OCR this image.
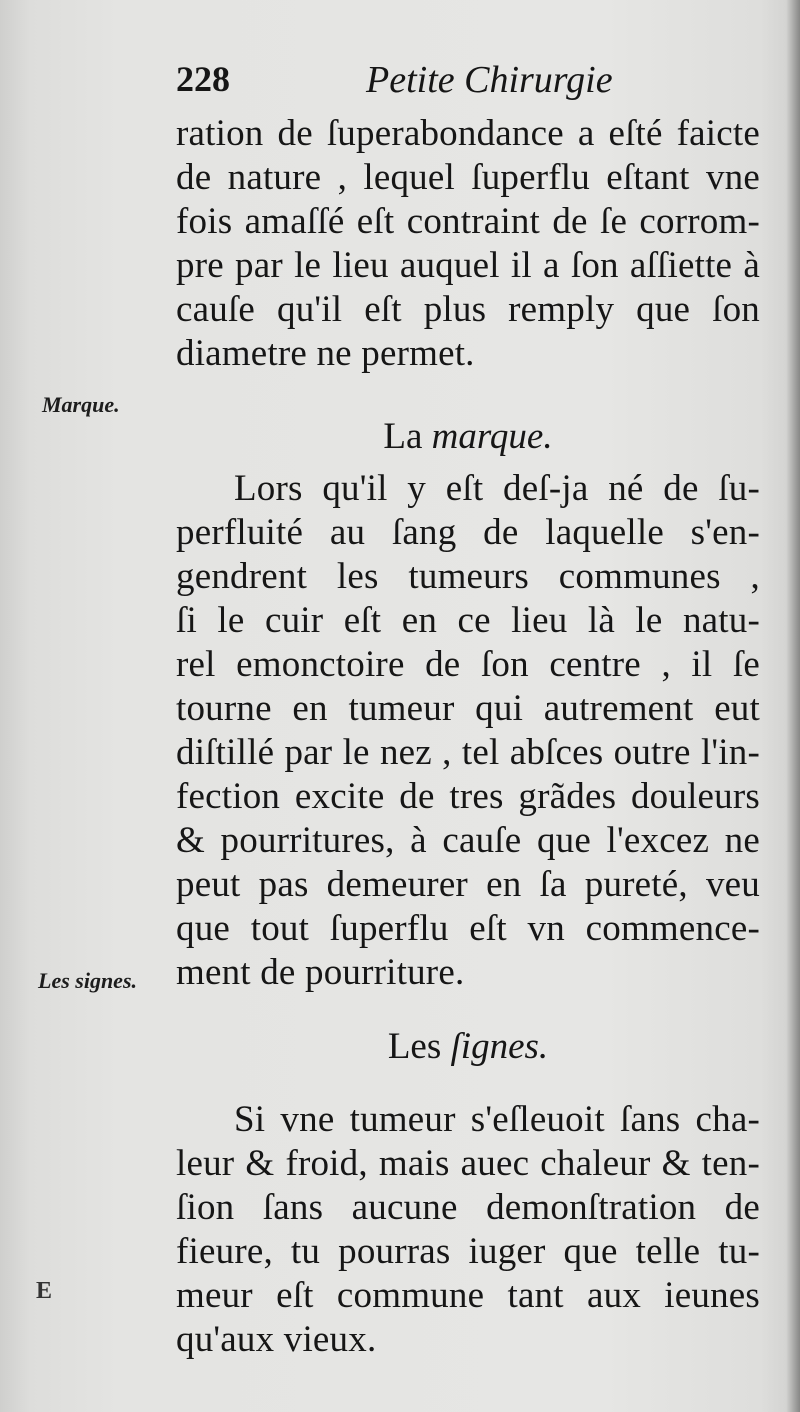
228	Petite Chirurgie
ration de ſuperabondance a eſté faicte
de nature , lequel ſuperflu eſtant vne
fois amaſſé eſt contraint de ſe corrom-
pre par le lieu auquel il a ſon aſſiette à
cauſe qu'il eſt plus remply que ſon
diametre ne permet.
Marque.
La marque.
Lors qu'il y eſt deſ-ja né de ſu-
perfluité au ſang de laquelle s'en-
gendrent les tumeurs communes ,
ſi le cuir eſt en ce lieu là le natu-
rel emonctoire de ſon centre , il ſe
tourne en tumeur qui autrement eut
diſtillé par le nez , tel abſces outre l'in-
fection excite de tres grãdes douleurs
& pourritures, à cauſe que l'excez ne
peut pas demeurer en ſa pureté, veu
que tout ſuperflu eſt vn commence-
ment de pourriture.
Les signes.
Les ſignes.
Si vne tumeur s'eſleuoit ſans cha-
leur & froid, mais auec chaleur & ten-
ſion ſans aucune demonſtration de
fieure, tu pourras iuger que telle tu-
meur eſt commune tant aux ieunes
qu'aux vieux.
E
